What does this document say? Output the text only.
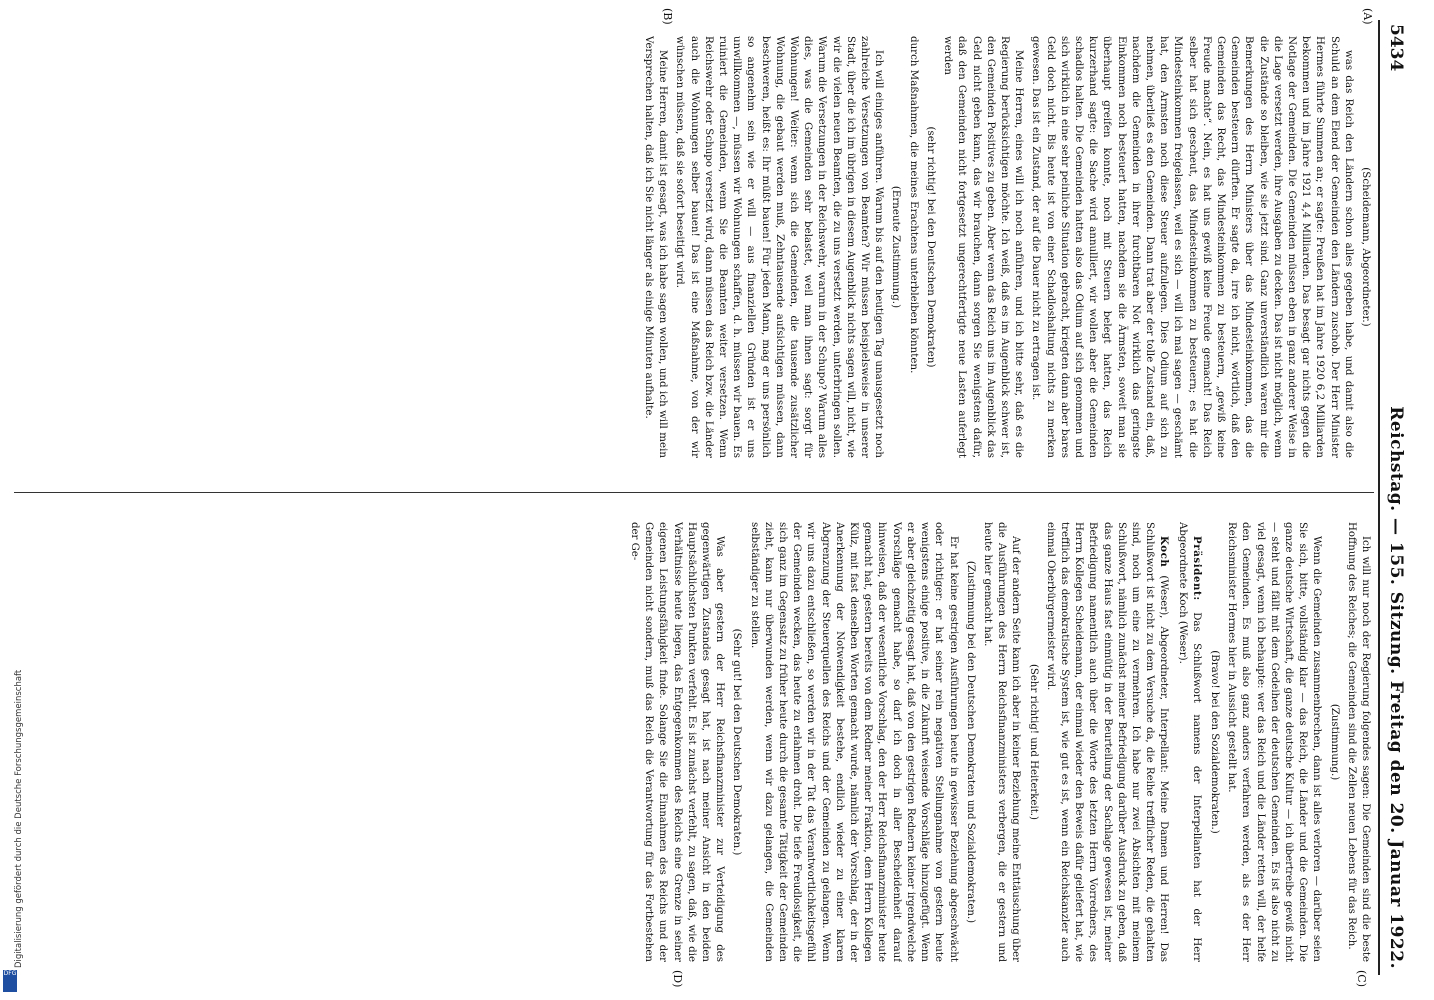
5434
Reichstag. — 155. Sitzung. Freitag den 20. Januar 1922.
(A)
(B)
(C)
(D)

(Scheidemann, Abgeordneter.)

was das Reich den Ländern schon alles gegeben habe, und damit also die Schuld an dem Elend der Gemeinden den Ländern zuschob. Der Herr Minister Hermes führte Summen an; er sagte: Preußen hat im Jahre 1920 6,2 Milliarden bekommen und im Jahre 1921 4,4 Milliarden. Das besagt gar nichts gegen die Notlage der Gemeinden. Die Gemeinden müssen eben in ganz anderer Weise in die Lage versetzt werden, ihre Ausgaben zu decken. Das ist nicht möglich, wenn die Zustände so bleiben, wie sie jetzt sind. Ganz unverständlich waren mir die Bemerkungen des Herrn Ministers über das Mindesteinkommen, das die Gemeinden besteuern dürften. Er sagte da, irre ich nicht, wörtlich, daß den Gemeinden das Recht, das Mindesteinkommen zu besteuern, „gewiß keine Freude machte“. Nein, es hat uns gewiß keine Freude gemacht! Das Reich selber hat sich gescheut, das Mindesteinkommen zu besteuern; es hat die Mindesteinkommen freigelassen, weil es sich — will ich mal sagen — geschämt hat, den Armsten noch diese Steuer aufzulegen. Dies Odium auf sich zu nehmen, überließ es den Gemeinden. Dann trat aber der tolle Zustand ein, daß, nachdem die Gemeinden in ihrer furchtbaren Not wirklich das geringste Einkommen noch besteuert hatten, nachdem sie die Ärmsten, soweit man sie überhaupt greifen konnte, noch mit Steuern belegt hatten, das Reich kurzerhand sagte: die Sache wird annulliert, wir wollen aber die Gemeinden schadlos halten. Die Gemeinden hatten also das Odium auf sich genommen und sich wirklich in eine sehr peinliche Situation gebracht, kriegten dann aber bares Geld doch nicht. Bis heute ist von einer Schadloshaltung nichts zu merken gewesen. Das ist ein Zustand, der auf die Dauer nicht zu ertragen ist.

Meine Herren, eines will ich noch anführen, und ich bitte sehr, daß es die Regierung berücksichtigen möchte. Ich weiß, daß es im Augenblick schwer ist, den Gemeinden Positives zu geben. Aber wenn das Reich uns im Augenblick das Geld nicht geben kann, das wir brauchen, dann sorgen Sie wenigstens dafür, daß den Gemeinden nicht fortgesetzt ungerechtfertigte neue Lasten auferlegt werden

(sehr richtig! bei den Deutschen Demokraten)

durch Maßnahmen, die meines Erachtens unterbleiben könnten.

(Erneute Zustimmung.)

Ich will einiges anführen. Warum bis auf den heutigen Tag unausgesetzt noch zahlreiche Versetzungen von Beamten? Wir müssen beispielsweise in unserer Stadt, über die ich im übrigen in diesem Augenblick nichts sagen will, nicht, wie wir die vielen neuen Beamten, die zu uns versetzt werden, unterbringen sollen. Warum die Versetzungen in der Reichswehr, warum in der Schupo? Warum alles dies, was die Gemeinden sehr belastet, weil man ihnen sagt: sorgt für Wohnungen! Weiter: wenn sich die Gemeinden, die tausende zusätzlicher Wohnung, die gebaut werden muß, Zehntausende aufsichtigen müssen, dann beschweren, heißt es: Ihr müßt bauen! Für jeden Mann, mag er uns persönlich so angenehm sein wie er will — aus finanziellen Gründen ist er uns unwillkommen —, müssen wir Wohnungen schaffen, d. h. müssen wir bauen. Es ruiniert die Gemeinden, wenn Sie die Beamten weiter versetzen. Wenn Reichswehr oder Schupo versetzt wird, dann müssen das Reich bzw. die Länder auch die Wohnungen selber bauen! Das ist eine Maßnahme, von der wir wünschen müssen, daß sie sofort beseitigt wird.

Meine Herren, damit ist gesagt, was ich habe sagen wollen, und ich will mein Versprechen halten, daß ich Sie nicht länger als einige Minuten aufhalte.

Ich will nur noch der Regierung folgendes sagen: Die Gemeinden sind die beste Hoffnung des Reiches; die Gemeinden sind die Zellen neuen Lebens für das Reich.

(Zustimmung.)

Wenn die Gemeinden zusammenbrechen, dann ist alles verloren — darüber seien Sie sich, bitte, vollständig klar — das Reich, die Länder und die Gemeinden. Die ganze deutsche Wirtschaft, die ganze deutsche Kultur — ich übertreibe gewiß nicht — steht und fällt mit dem Gedeihen der deutschen Gemeinden. Es ist also nicht zu viel gesagt, wenn ich behaupte: wer das Reich und die Länder retten will, der helfe den Gemeinden. Es muß also ganz anders verfahren werden, als es der Herr Reichsminister Hermes hier in Aussicht gestellt hat.

(Bravo! bei den Sozialdemokraten.)

Präsident: Das Schlußwort namens der Interpellanten hat der Herr Abgeordnete Koch (Weser).

Koch (Weser), Abgeordneter, Interpellant: Meine Damen und Herren! Das Schlußwort ist nicht zu dem Versuche da, die Reihe trefflicher Reden, die gehalten sind, noch um eine zu vermehren. Ich habe nur zwei Absichten mit meinem Schlußwort, nämlich zunächst meiner Befriedigung darüber Ausdruck zu geben, daß das ganze Haus fast einmütig in der Beurteilung der Sachlage gewesen ist, meiner Befriedigung namentlich auch über die Worte des letzten Herrn Vorredners, des Herrn Kollegen Scheidemann, der einmal wieder den Beweis dafür geliefert hat, wie trefflich das demokratische System ist, wie gut es ist, wenn ein Reichskanzler auch einmal Oberbürgermeister wird.

(Sehr richtig! und Heiterkeit.)

Auf der andern Seite kann ich aber in keiner Beziehung meine Enttäuschung über die Ausführungen des Herrn Reichsfinanzministers verbergen, die er gestern und heute hier gemacht hat.

(Zustimmung bei den Deutschen Demokraten und Sozialdemokraten.)

Er hat keine gestrigen Ausführungen heute in gewisser Beziehung abgeschwächt oder richtiger: er hat seiner rein negativen Stellungnahme von gestern heute wenigstens einige positive, in die Zukunft weisende Vorschläge hinzugefügt. Wenn er aber gleichzeitig gesagt hat, daß von den gestrigen Rednern keiner irgendwelche Vorschläge gemacht habe, so darf ich doch in aller Bescheidenheit darauf hinweisen, daß der wesentliche Vorschlag, den der Herr Reichsfinanzminister heute gemacht hat, gestern bereits von dem Redner meiner Fraktion, dem Herrn Kollegen Külz, mit fast denselben Worten gemacht wurde, nämlich der Vorschlag, der in der Anerkennung der Notwendigkeit bestehe, endlich wieder zu einer klaren Abgrenzung der Steuerquellen des Reichs und der Gemeinden zu gelangen. Wenn wir uns dazu entschließen, so werden wir in der Tat das Verantwortlichkeitsgefühl der Gemeinden wecken, das heute zu erlahmen droht. Die tiefe Freudlosigkeit, die sich ganz im Gegensatz zu früher heute durch die gesamte Tätigkeit der Gemeinden zieht, kann nur überwunden werden, wenn wir dazu gelangen, die Gemeinden selbständiger zu stellen.

(Sehr gut! bei den Deutschen Demokraten.)

Was aber gestern der Herr Reichsfinanzminister zur Verteidigung des gegenwärtigen Zustandes gesagt hat, ist nach meiner Ansicht in den beiden Hauptsächlichsten Punkten verfehlt. Es ist zunächst verfehlt, zu sagen, daß, wie die Verhältnisse heute liegen, das Entgegenkommen des Reichs eine Grenze in seiner eigenen Leistungsfähigkeit finde. Solange Sie die Einnahmen des Reichs und der Gemeinden nicht sondern, muß das Reich die Verantwortung für das Fortbestehen der Ge-

Digitalisierung gefördert durch die Deutsche Forschungsgemeinschaft
DFG
